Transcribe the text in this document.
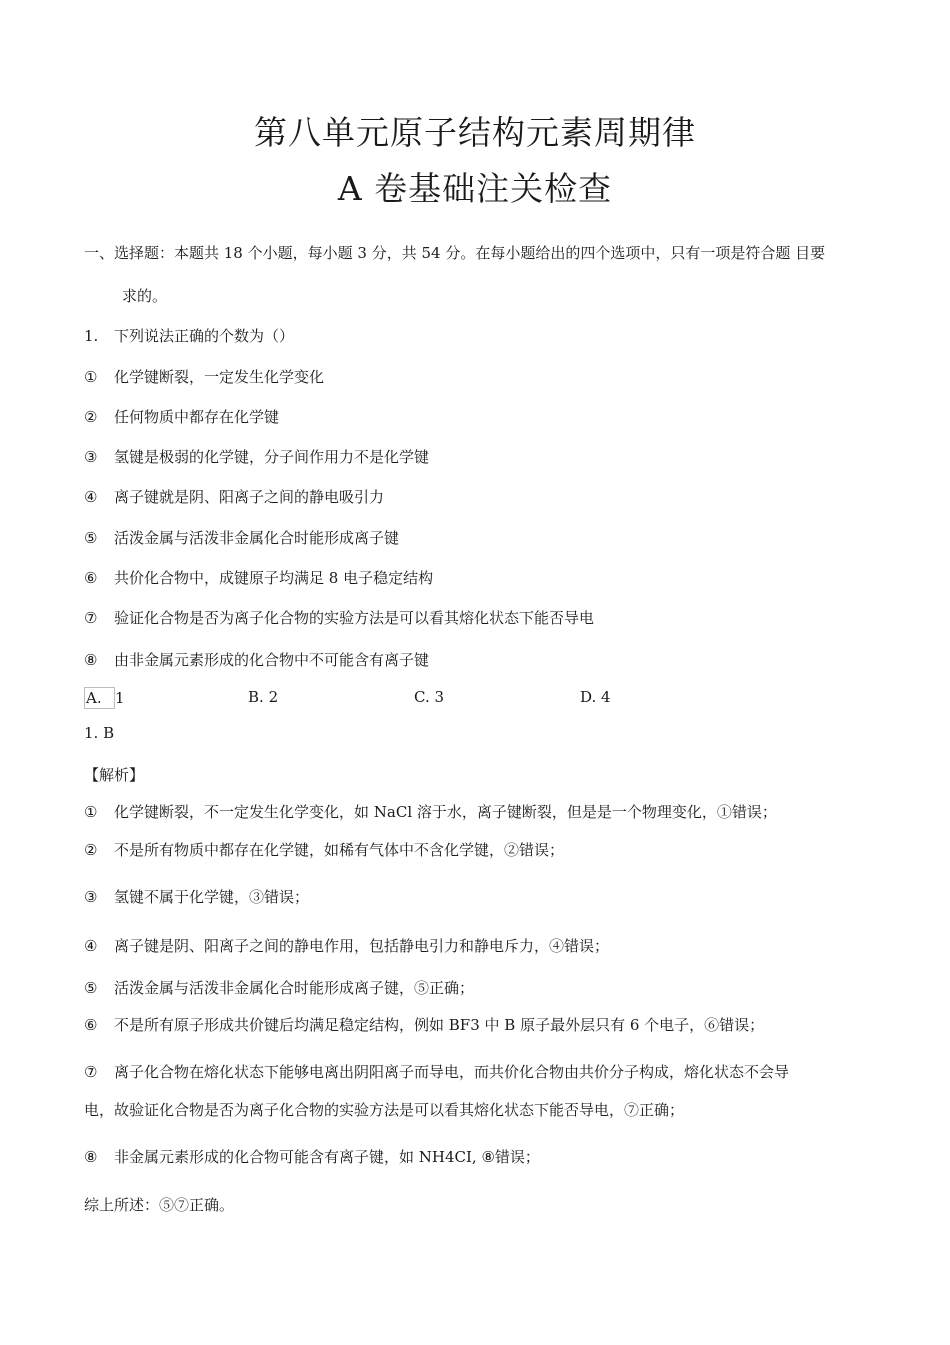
第八单元原子结构元素周期律
A 卷基础注关检查
一、选择题：本题共 18 个小题，每小题 3 分，共 54 分。在每小题给出的四个选项中，只有一项是符合题 目要
求的。
1. 下列说法正确的个数为（）
① 化学键断裂，一定发生化学变化
② 任何物质中都存在化学键
③ 氢键是极弱的化学键，分子间作用力不是化学键
④ 离子键就是阴、阳离子之间的静电吸引力
⑤ 活泼金属与活泼非金属化合时能形成离子键
⑥ 共价化合物中，成键原子均满足 8 电子稳定结构
⑦ 验证化合物是否为离子化合物的实验方法是可以看其熔化状态下能否导电
⑧ 由非金属元素形成的化合物中不可能含有离子键
A. 1	B. 2	C. 3	D. 4
1. B
【解析】
① 化学键断裂，不一定发生化学变化，如 NaCl 溶于水，离子键断裂，但是是一个物理变化，①错误；
② 不是所有物质中都存在化学键，如稀有气体中不含化学键，②错误；
③ 氢键不属于化学键，③错误；
④ 离子键是阴、阳离子之间的静电作用，包括静电引力和静电斥力，④错误；
⑤ 活泼金属与活泼非金属化合时能形成离子键，⑤正确；
⑥ 不是所有原子形成共价键后均满足稳定结构，例如 BF3 中 B 原子最外层只有 6 个电子，⑥错误；
⑦ 离子化合物在熔化状态下能够电离出阴阳离子而导电，而共价化合物由共价分子构成，熔化状态不会导
电，故验证化合物是否为离子化合物的实验方法是可以看其熔化状态下能否导电，⑦正确；
⑧ 非金属元素形成的化合物可能含有离子键，如 NH4CI, ⑧错误；
综上所述：⑤⑦正确。
